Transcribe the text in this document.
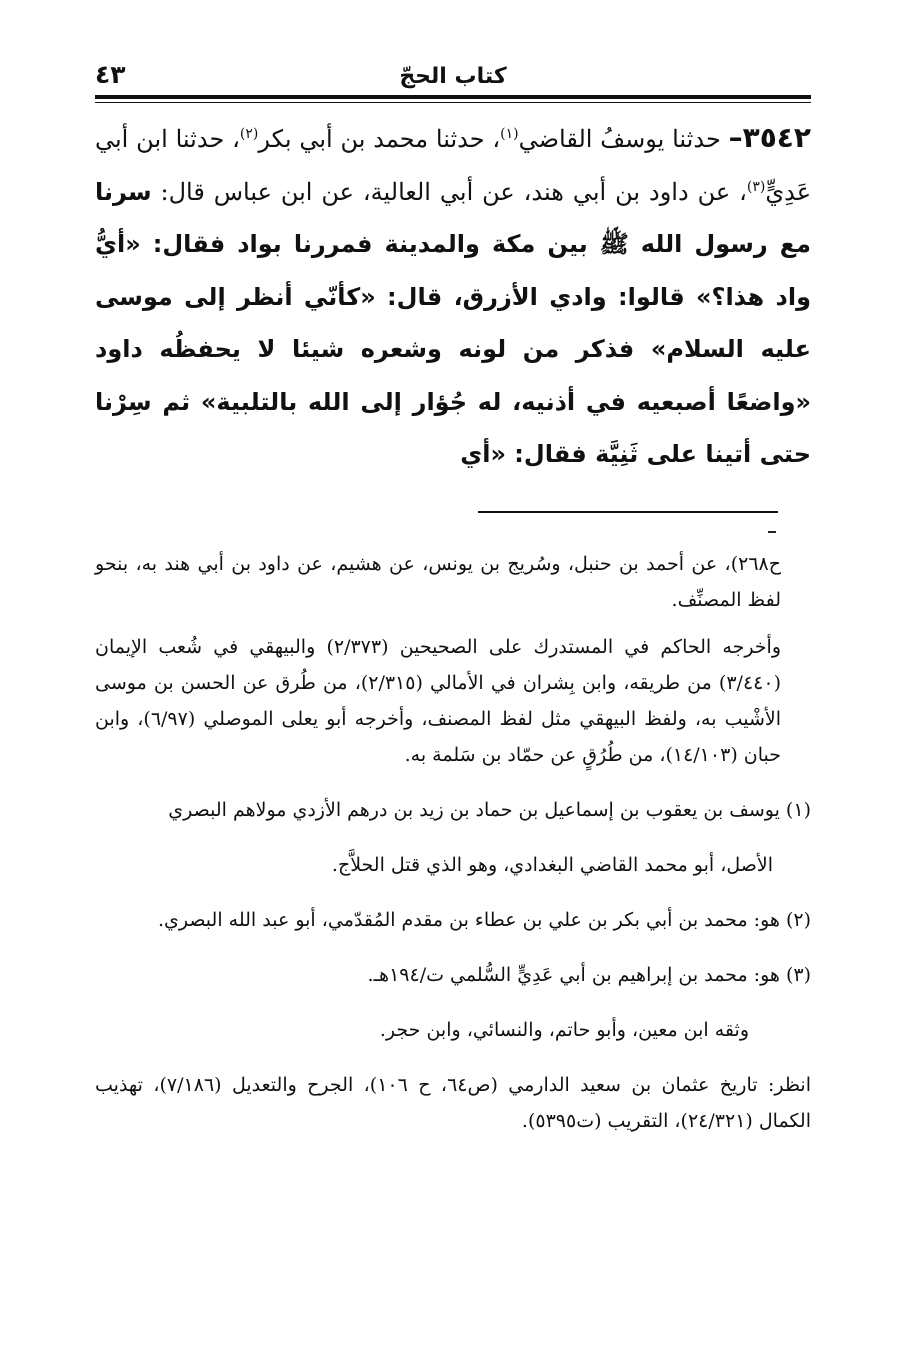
كتاب الحجّ
٤٣

٣٥٤٢– حدثنا يوسفُ القاضي$^{(١)}$، حدثنا محمد بن أبي بكر$^{(٢)}$، حدثنا ابن أبي عَدِيٍّ$^{(٣)}$، عن داود بن أبي هند، عن أبي العالية، عن ابن عباس قال: سرنا مع رسول الله ﷺ بين مكة والمدينة فمررنا بواد فقال: «أيُّ واد هذا؟» قالوا: وادي الأزرق، قال: «كأنّي أنظر إلى موسى عليه السلام» فذكر من لونه وشعره شيئا لا يحفظُه داود «واضعًا أصبعيه في أذنيه، له جُؤار إلى الله بالتلبية» ثم سِرْنا حتى أتينا على ثَنِيَّة فقال: «أي

ح٢٦٨)، عن أحمد بن حنبل، وسُريج بن يونس، عن هشيم، عن داود بن أبي هند به، بنحو لفظ المصنِّف.

وأخرجه الحاكم في المستدرك على الصحيحين (٢/٣٧٣) والبيهقي في شُعب الإيمان (٣/٤٤٠) من طريقه، وابن بِشران في الأمالي (٢/٣١٥)، من طُرق عن الحسن بن موسى الأشْيب به، ولفظ البيهقي مثل لفظ المصنف، وأخرجه أبو يعلى الموصلي (٦/٩٧)، وابن حبان (١٤/١٠٣)، من طُرُقٍ عن حمّاد بن سَلمة به.

(١) يوسف بن يعقوب بن إسماعيل بن حماد بن زيد بن درهم الأزدي مولاهم البصري

الأصل، أبو محمد القاضي البغدادي، وهو الذي قتل الحلاَّج.

(٢) هو: محمد بن أبي بكر بن علي بن عطاء بن مقدم المُقدّمي، أبو عبد الله البصري.

(٣) هو: محمد بن إبراهيم بن أبي عَدِيٍّ السُّلمي ت/١٩٤هـ.

وثقه ابن معين، وأبو حاتم، والنسائي، وابن حجر.

انظر: تاريخ عثمان بن سعيد الدارمي (ص٦٤، ح ١٠٦)، الجرح والتعديل (٧/١٨٦)، تهذيب الكمال (٢٤/٣٢١)، التقريب (ت٥٣٩٥).
